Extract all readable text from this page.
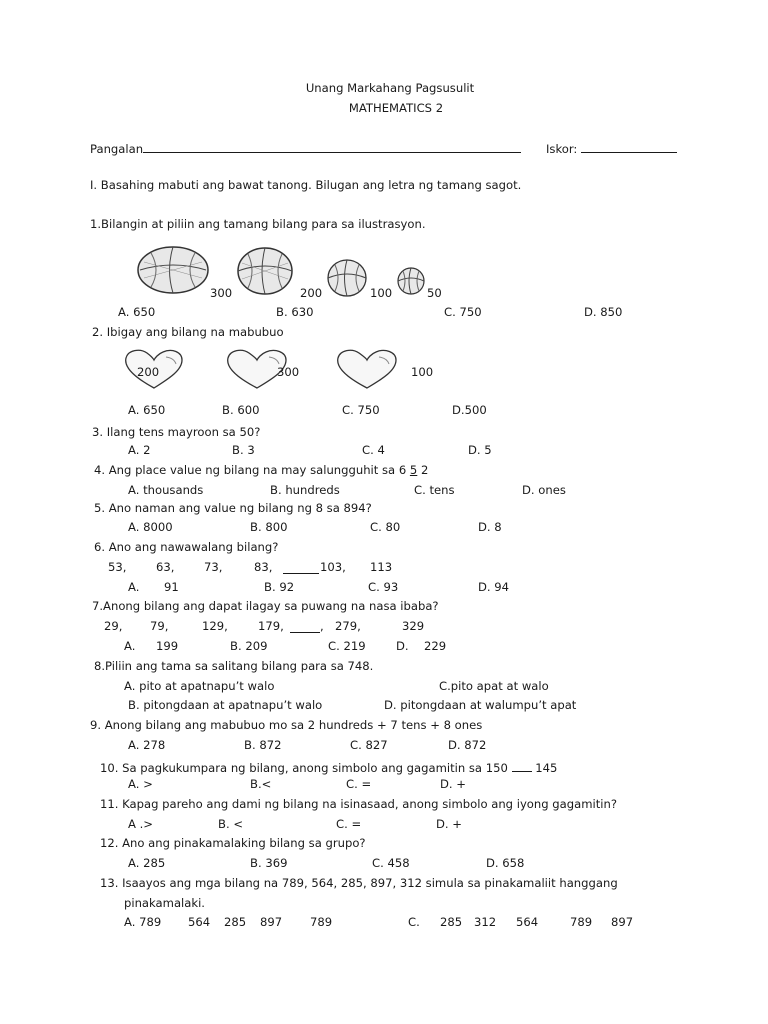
Unang Markahang Pagsusulit
MATHEMATICS 2
Pangalan	Iskor:
I. Basahing mabuti ang bawat tanong. Bilugan ang letra ng tamang sagot.
1.Bilangin at piliin ang tamang bilang para sa ilustrasyon.
300	200	100	50
A. 650	B. 630	C. 750	D. 850
2. Ibigay ang bilang na mabubuo
200	300	100
A. 650	B. 600	C. 750	D.500
3. Ilang tens mayroon sa 50?
A. 2	B. 3	C. 4	D. 5
4. Ang place value ng bilang na may salungguhit sa 6 5 2
A. thousands	B. hundreds	C. tens	D. ones
5. Ano naman ang value ng bilang ng 8 sa 894?
A. 8000	B. 800	C. 80	D. 8
6. Ano ang nawawalang bilang?
53,	63,	73,	83,	103, 113
A. 91	B. 92	C. 93	D. 94
7.Anong bilang ang dapat ilagay sa puwang na nasa ibaba?
29, 79,	129,	179,	, 279,	329
A. 199	B. 209	C. 219	D. 229
8.Piliin ang tama sa salitang bilang para sa 748.
A. pito at apatnapu’t walo	C.pito apat at walo
B. pitongdaan at apatnapu’t walo	D. pitongdaan at walumpu’t apat
9. Anong bilang ang mabubuo mo sa 2 hundreds + 7 tens + 8 ones
A. 278	B. 872	C. 827	D. 872
10. Sa pagkukumpara ng bilang, anong simbolo ang gagamitin sa 150  145
A. >	B.<	C. =	D. +
11. Kapag pareho ang dami ng bilang na isinasaad, anong simbolo ang iyong gagamitin?
A .>	B. <	C. =	D. +
12. Ano ang pinakamalaking bilang sa grupo?
A. 285	B. 369	C. 458	D. 658
13. Isaayos ang mga bilang na 789, 564, 285, 897, 312 simula sa pinakamaliit hanggang
pinakamalaki.
A. 789 564 285 897 789	C. 285 312 564	789 897
